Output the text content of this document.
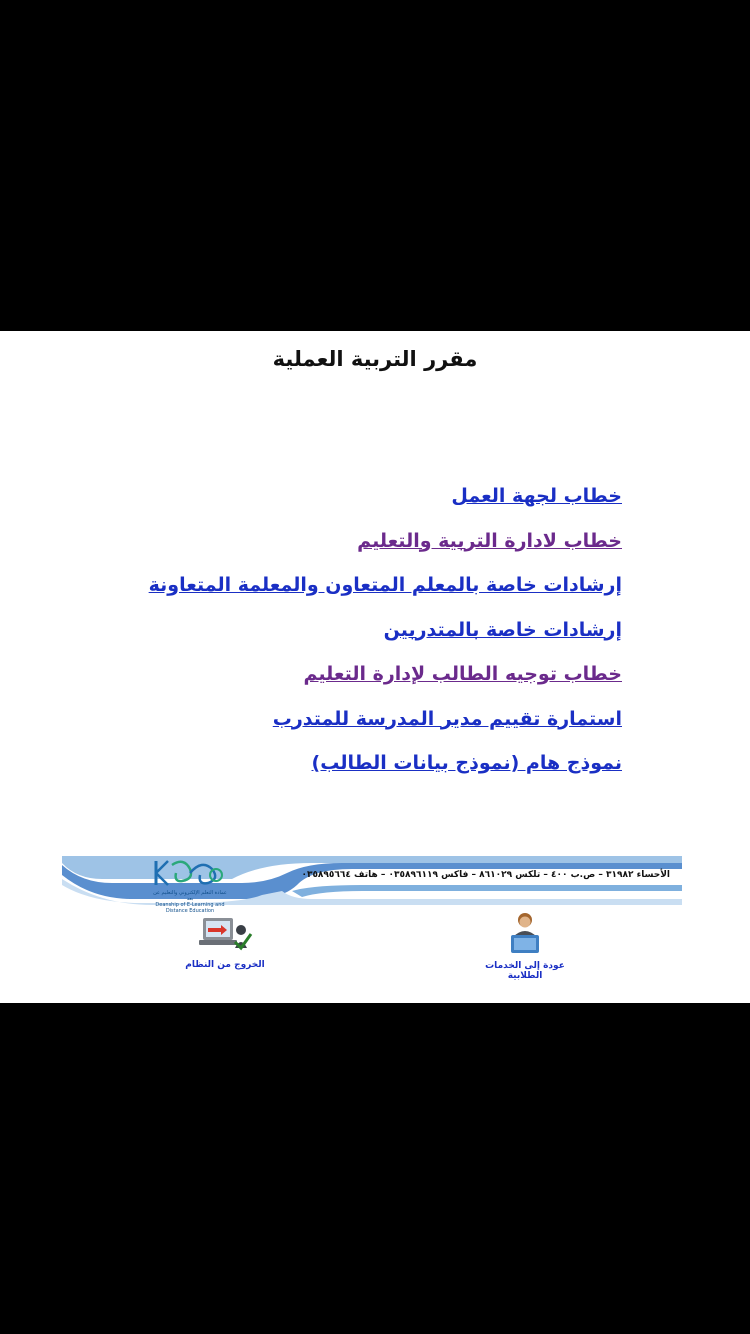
مقرر التربية العملية
خطاب لجهة العمل
خطاب لادارة التربية والتعليم
إرشادات خاصة بالمعلم المتعاون والمعلمة المتعاونة
إرشادات خاصة بالمتدربين
خطاب توجيه الطالب لإدارة التعليم
استمارة تقييم مدير المدرسة للمتدرب
نموذج هام (نموذج بيانات الطالب)
الأحساء ٣١٩٨٢ – ص.ب ٤٠٠ – تلكس ٨٦١٠٢٩ – فاكس ٠٣٥٨٩٦١١٩ – هاتف ٠٣٥٨٩٥٦٦٤
عمادة التعلم الإلكتروني والتعليم عن بعد
Deanship of E-Learning and Distance Education
الخروج من النظام	عودة إلى الخدمات الطلابية
